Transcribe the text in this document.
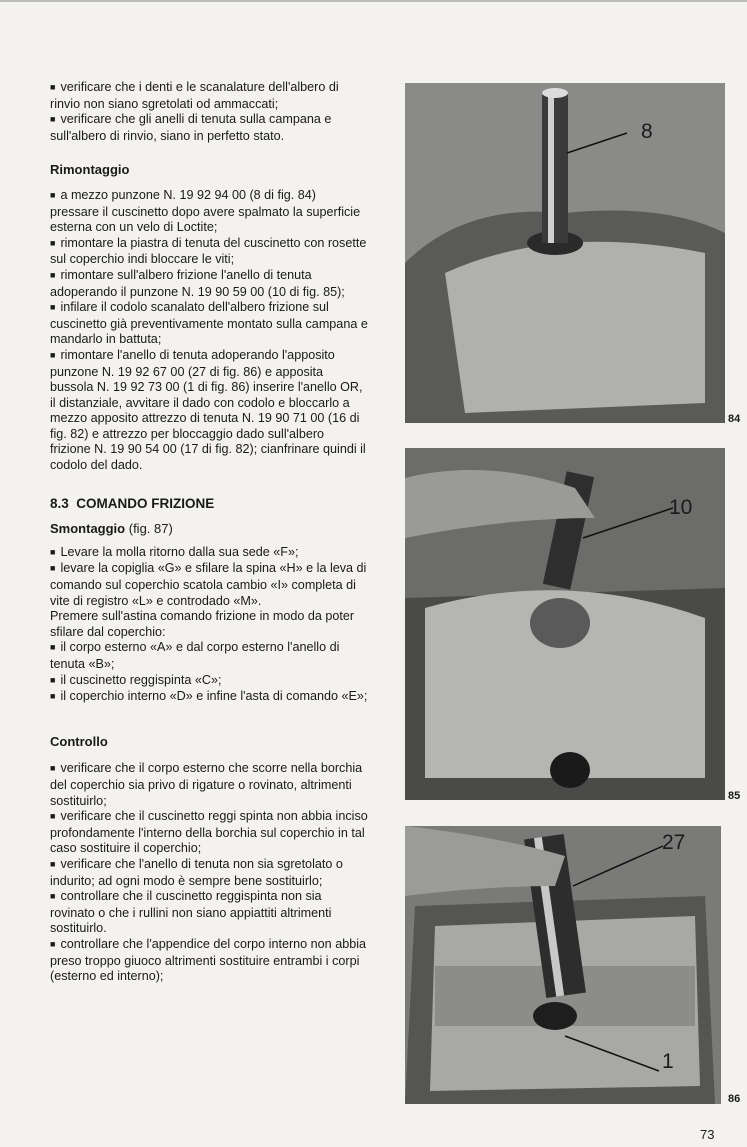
■ verificare che i denti e le scanalature dell'albero di rinvio non siano sgretolati od ammaccati;

■ verificare che gli anelli di tenuta sulla campana e sull'albero di rinvio, siano in perfetto stato.

Rimontaggio

■ a mezzo punzone N. 19 92 94 00 (8 di fig. 84) pressare il cuscinetto dopo avere spalmato la superficie esterna con un velo di Loctite;

■ rimontare la piastra di tenuta del cuscinetto con rosette sul coperchio indi bloccare le viti;

■ rimontare sull'albero frizione l'anello di tenuta adoperando il punzone N. 19 90 59 00 (10 di fig. 85);

■ infilare il codolo scanalato dell'albero frizione sul cuscinetto già preventivamente montato sulla campana e mandarlo in battuta;

■ rimontare l'anello di tenuta adoperando l'apposito punzone N. 19 92 67 00 (27 di fig. 86) e apposita bussola N. 19 92 73 00 (1 di fig. 86) inserire l'anello OR, il distanziale, avvitare il dado con codolo e bloccarlo a mezzo apposito attrezzo di tenuta N. 19 90 71 00 (16 di fig. 82) e attrezzo per bloccaggio dado sull'albero frizione N. 19 90 54 00 (17 di fig. 82); cianfrinare quindi il codolo del dado.

8.3 COMANDO FRIZIONE

Smontaggio (fig. 87)

■ Levare la molla ritorno dalla sua sede «F»;

■ levare la copiglia «G» e sfilare la spina «H» e la leva di comando sul coperchio scatola cambio «I» completa di vite di registro «L» e controdado «M».

Premere sull'astina comando frizione in modo da poter sfilare dal coperchio:

■ il corpo esterno «A» e dal corpo esterno l'anello di tenuta «B»;

■ il cuscinetto reggispinta «C»;

■ il coperchio interno «D» e infine l'asta di comando «E»;

Controllo

■ verificare che il corpo esterno che scorre nella borchia del coperchio sia privo di rigature o rovinato, altrimenti sostituirlo;

■ verificare che il cuscinetto reggi spinta non abbia inciso profondamente l'interno della borchia sul coperchio in tal caso sostituire il coperchio;

■ verificare che l'anello di tenuta non sia sgretolato o indurito; ad ogni modo è sempre bene sostituirlo;

■ controllare che il cuscinetto reggispinta non sia rovinato o che i rullini non siano appiattiti altrimenti sostituirlo.

■ controllare che l'appendice del corpo interno non abbia preso troppo giuoco altrimenti sostituire entrambi i corpi (esterno ed interno);

8
84
10
85
27
1
86
73
